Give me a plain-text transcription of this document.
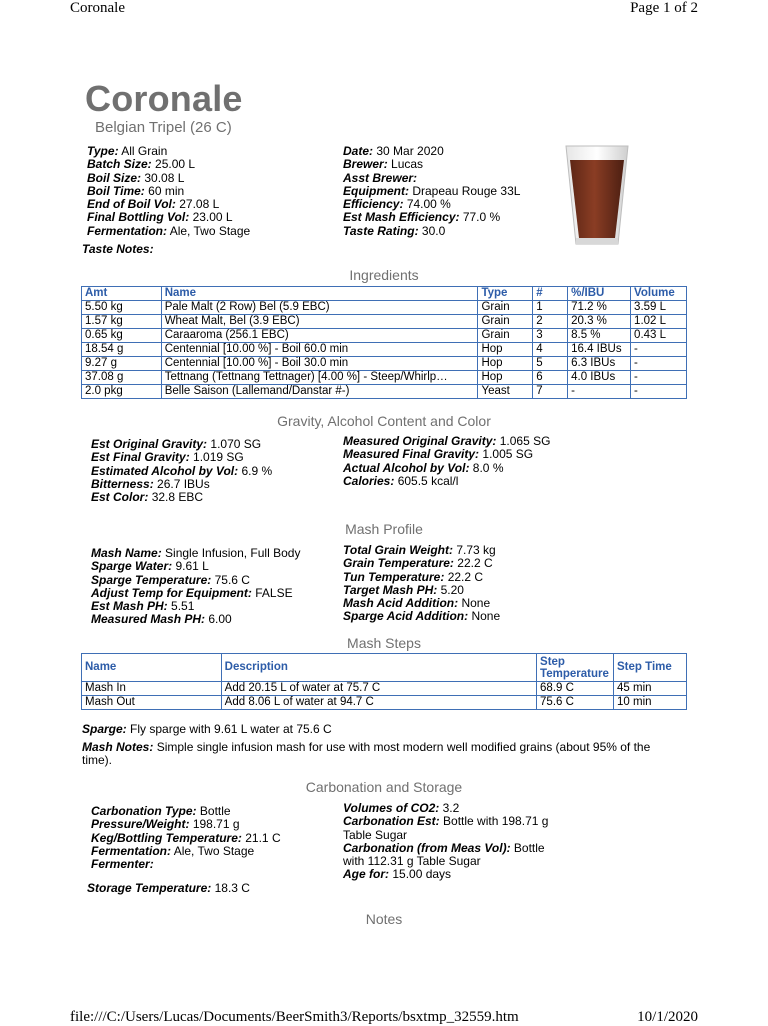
Coronale	Page 1 of 2
Coronale
Belgian Tripel (26 C)
Type: All Grain
Batch Size: 25.00 L
Boil Size: 30.08 L
Boil Time: 60 min
End of Boil Vol: 27.08 L
Final Bottling Vol: 23.00 L
Fermentation: Ale, Two Stage
Date: 30 Mar 2020
Brewer: Lucas
Asst Brewer:
Equipment: Drapeau Rouge 33L
Efficiency: 74.00 %
Est Mash Efficiency: 77.0 %
Taste Rating: 30.0
Taste Notes:
Ingredients
Amt	Name	Type	#	%/IBU	Volume
5.50 kg	Pale Malt (2 Row) Bel (5.9 EBC)	Grain	1	71.2 %	3.59 L
1.57 kg	Wheat Malt, Bel (3.9 EBC)	Grain	2	20.3 %	1.02 L
0.65 kg	Caraaroma (256.1 EBC)	Grain	3	8.5 %	0.43 L
18.54 g	Centennial [10.00 %] - Boil 60.0 min	Hop	4	16.4 IBUs	-
9.27 g	Centennial [10.00 %] - Boil 30.0 min	Hop	5	6.3 IBUs	-
37.08 g	Tettnang (Tettnang Tettnager) [4.00 %] - Steep/Whirlp…	Hop	6	4.0 IBUs	-
2.0 pkg	Belle Saison (Lallemand/Danstar #-)	Yeast	7	-	-
Gravity, Alcohol Content and Color
Est Original Gravity: 1.070 SG
Est Final Gravity: 1.019 SG
Estimated Alcohol by Vol: 6.9 %
Bitterness: 26.7 IBUs
Est Color: 32.8 EBC
Measured Original Gravity: 1.065 SG
Measured Final Gravity: 1.005 SG
Actual Alcohol by Vol: 8.0 %
Calories: 605.5 kcal/l
Mash Profile
Mash Name: Single Infusion, Full Body
Sparge Water: 9.61 L
Sparge Temperature: 75.6 C
Adjust Temp for Equipment: FALSE
Est Mash PH: 5.51
Measured Mash PH: 6.00
Total Grain Weight: 7.73 kg
Grain Temperature: 22.2 C
Tun Temperature: 22.2 C
Target Mash PH: 5.20
Mash Acid Addition: None
Sparge Acid Addition: None
Mash Steps
Name	Description	Step Temperature	Step Time
Mash In	Add 20.15 L of water at 75.7 C	68.9 C	45 min
Mash Out	Add 8.06 L of water at 94.7 C	75.6 C	10 min
Sparge: Fly sparge with 9.61 L water at 75.6 C
Mash Notes: Simple single infusion mash for use with most modern well modified grains (about 95% of the time).
Carbonation and Storage
Carbonation Type: Bottle
Pressure/Weight: 198.71 g
Keg/Bottling Temperature: 21.1 C
Fermentation: Ale, Two Stage
Fermenter:
Storage Temperature: 18.3 C
Volumes of CO2: 3.2
Carbonation Est: Bottle with 198.71 g Table Sugar
Carbonation (from Meas Vol): Bottle with 112.31 g Table Sugar
Age for: 15.00 days
Notes
file:///C:/Users/Lucas/Documents/BeerSmith3/Reports/bsxtmp_32559.htm	10/1/2020
